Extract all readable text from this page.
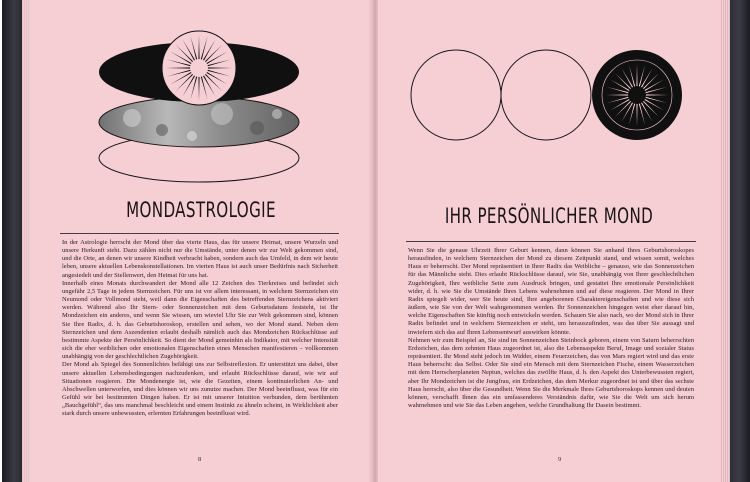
MONDASTROLOGIE

In der Astrologie herrscht der Mond über das vierte Haus, das für unsere Heimat, unsere Wurzeln und unsere Herkunft steht. Dazu zählen nicht nur die Umstände, unter denen wir zur Welt gekommen sind, und die Orte, an denen wir unsere Kindheit verbracht haben, sondern auch das Umfeld, in dem wir heute leben, unsere aktuellen Lebenskonstellationen. Im vierten Haus ist auch unser Bedürfnis nach Sicherheit angesiedelt und der Stellenwert, den Heimat für uns hat.

Innerhalb eines Monats durchwandert der Mond alle 12 Zeichen des Tierkreises und befindet sich ungefähr 2,5 Tage in jedem Sternzeichen. Für uns ist vor allem interessant, in welchem Sternzeichen ein Neumond oder Vollmond steht, weil dann die Eigenschaften des betreffenden Sternzeichens aktiviert werden. Während also Ihr Stern- oder Sonnenzeichen mit dem Geburtsdatum feststeht, ist Ihr Mondzeichen ein anderes, und wenn Sie wissen, um wieviel Uhr Sie zur Welt gekommen sind, können Sie Ihre Radix, d. h. das Geburtshoroskop, erstellen und sehen, wo der Mond stand. Neben dem Sternzeichen und dem Aszendenten erlaubt deshalb nämlich auch das Mondzeichen Rückschlüsse auf bestimmte Aspekte der Persönlichkeit. So dient der Mond gemeinhin als Indikator, mit welcher Intensität sich die eher weiblichen oder emotionalen Eigenschaften eines Menschen manifestieren – vollkommen unabhängig von der geschlechtlichen Zugehörigkeit.

Der Mond als Spiegel des Sonnenlichtes befähigt uns zur Selbstreflexion. Er unterstützt uns dabei, über unsere aktuellen Lebensbedingungen nachzudenken, und erlaubt Rückschlüsse darauf, wie wir auf Situationen reagieren. Die Mondenergie ist, wie die Gezeiten, einem kontinuierlichen An- und Abschwellen unterworfen, und dies können wir uns zunutze machen. Der Mond beeinflusst, was für ein Gefühl wir bei bestimmten Dingen haben. Er ist mit unserer Intuition verbunden, dem berühmten „Bauchgefühl“, das uns manchmal beschleicht und einem Instinkt zu ähneln scheint, in Wirklichkeit aber stark durch unsere unbewussten, erlernten Erfahrungen beeinflusst wird.

8
IHR PERSÖNLICHER MOND

Wenn Sie die genaue Uhrzeit Ihrer Geburt kennen, dann können Sie anhand Ihres Geburtshoroskopes herausfinden, in welchem Sternzeichen der Mond zu diesem Zeitpunkt stand, und wissen somit, welches Haus er beherrscht. Der Mond repräsentiert in Ihrer Radix das Weibliche – genauso, wie das Sonnenzeichen für das Männliche steht. Dies erlaubt Rückschlüsse darauf, wie Sie, unabhängig von Ihrer geschlechtlichen Zugehörigkeit, Ihre weibliche Seite zum Ausdruck bringen, und gestattet Ihre emotionale Persönlichkeit wider, d. h. wie Sie die Umstände Ihres Lebens wahrnehmen und auf diese reagieren. Der Mond in Ihrer Radix spiegelt wider, wer Sie heute sind, Ihre angeborenen Charaktereigenschaften und wie diese sich äußern, wie Sie von der Welt wahrgenommen werden. Ihr Sonnenzeichen hingegen weist eher darauf hin, welche Eigenschaften Sie künftig noch entwickeln werden. Schauen Sie also nach, wo der Mond sich in Ihrer Radix befindet und in welchem Sternzeichen er steht, um herauszufinden, was das über Sie aussagt und inwiefern sich das auf Ihren Lebensentwurf auswirken könnte.

Nehmen wir zum Beispiel an, Sie sind im Sonnenzeichen Steinbock geboren, einem von Saturn beherrschten Erdzeichen, das dem zehnten Haus zugeordnet ist, also die Lebensaspekte Beruf, Image und sozialer Status repräsentiert. Ihr Mond steht jedoch im Widder, einem Feuerzeichen, das von Mars regiert wird und das erste Haus beherrscht: das Selbst. Oder Sie sind ein Mensch mit dem Sternzeichen Fische, einem Wasserzeichen mit dem Herrscherplaneten Neptun, welches das zwölfte Haus, d. h. den Aspekt des Unterbewussten regiert, aber Ihr Mondzeichen ist die Jungfrau, ein Erdzeichen, das dem Merkur zugeordnet ist und über das sechste Haus herrscht, also über die Gesundheit. Wenn Sie die Merkmale Ihres Geburtshoroskops kennen und deuten können, verschafft Ihnen das ein umfassenderes Verständnis dafür, wie Sie die Welt um sich herum wahrnehmen und wie Sie das Leben angehen, welche Grundhaltung Ihr Dasein bestimmt.

9
